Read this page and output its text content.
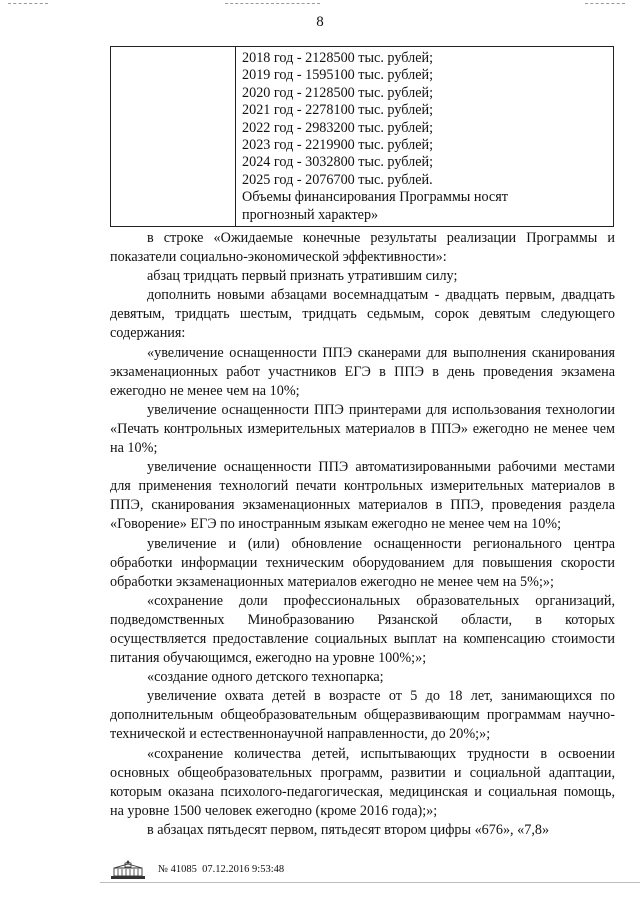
8

2018 год - 2128500 тыс. рублей;
2019 год - 1595100 тыс. рублей;
2020 год - 2128500 тыс. рублей;
2021 год - 2278100 тыс. рублей;
2022 год - 2983200 тыс. рублей;
2023 год - 2219900 тыс. рублей;
2024 год - 3032800 тыс. рублей;
2025 год - 2076700 тыс. рублей.
Объемы финансирования Программы носят
прогнозный характер»

в строке «Ожидаемые конечные результаты реализации Программы и показатели социально-экономической эффективности»:

абзац тридцать первый признать утратившим силу;

дополнить новыми абзацами восемнадцатым - двадцать первым, двадцать девятым, тридцать шестым, тридцать седьмым, сорок девятым следующего содержания:

«увеличение оснащенности ППЭ сканерами для выполнения сканирования экзаменационных работ участников ЕГЭ в ППЭ в день проведения экзамена ежегодно не менее чем на 10%;

увеличение оснащенности ППЭ принтерами для использования технологии «Печать контрольных измерительных материалов в ППЭ» ежегодно не менее чем на 10%;

увеличение оснащенности ППЭ автоматизированными рабочими местами для применения технологий печати контрольных измерительных материалов в ППЭ, сканирования экзаменационных материалов в ППЭ, проведения раздела «Говорение» ЕГЭ по иностранным языкам ежегодно не менее чем на 10%;

увеличение и (или) обновление оснащенности регионального центра обработки информации техническим оборудованием для повышения скорости обработки экзаменационных материалов ежегодно не менее чем на 5%;»;

«сохранение доли профессиональных образовательных организаций, подведомственных Минобразованию Рязанской области, в которых осуществляется предоставление социальных выплат на компенсацию стоимости питания обучающимся, ежегодно на уровне 100%;»;

«создание одного детского технопарка;

увеличение охвата детей в возрасте от 5 до 18 лет, занимающихся по дополнительным общеобразовательным общеразвивающим программам научно-технической и естественнонаучной направленности, до 20%;»;

«сохранение количества детей, испытывающих трудности в освоении основных общеобразовательных программ, развитии и социальной адаптации, которым оказана психолого-педагогическая, медицинская и социальная помощь, на уровне 1500 человек ежегодно (кроме 2016 года);»;

в абзацах пятьдесят первом, пятьдесят втором цифры «676», «7,8»

№ 41085 07.12.2016 9:53:48
